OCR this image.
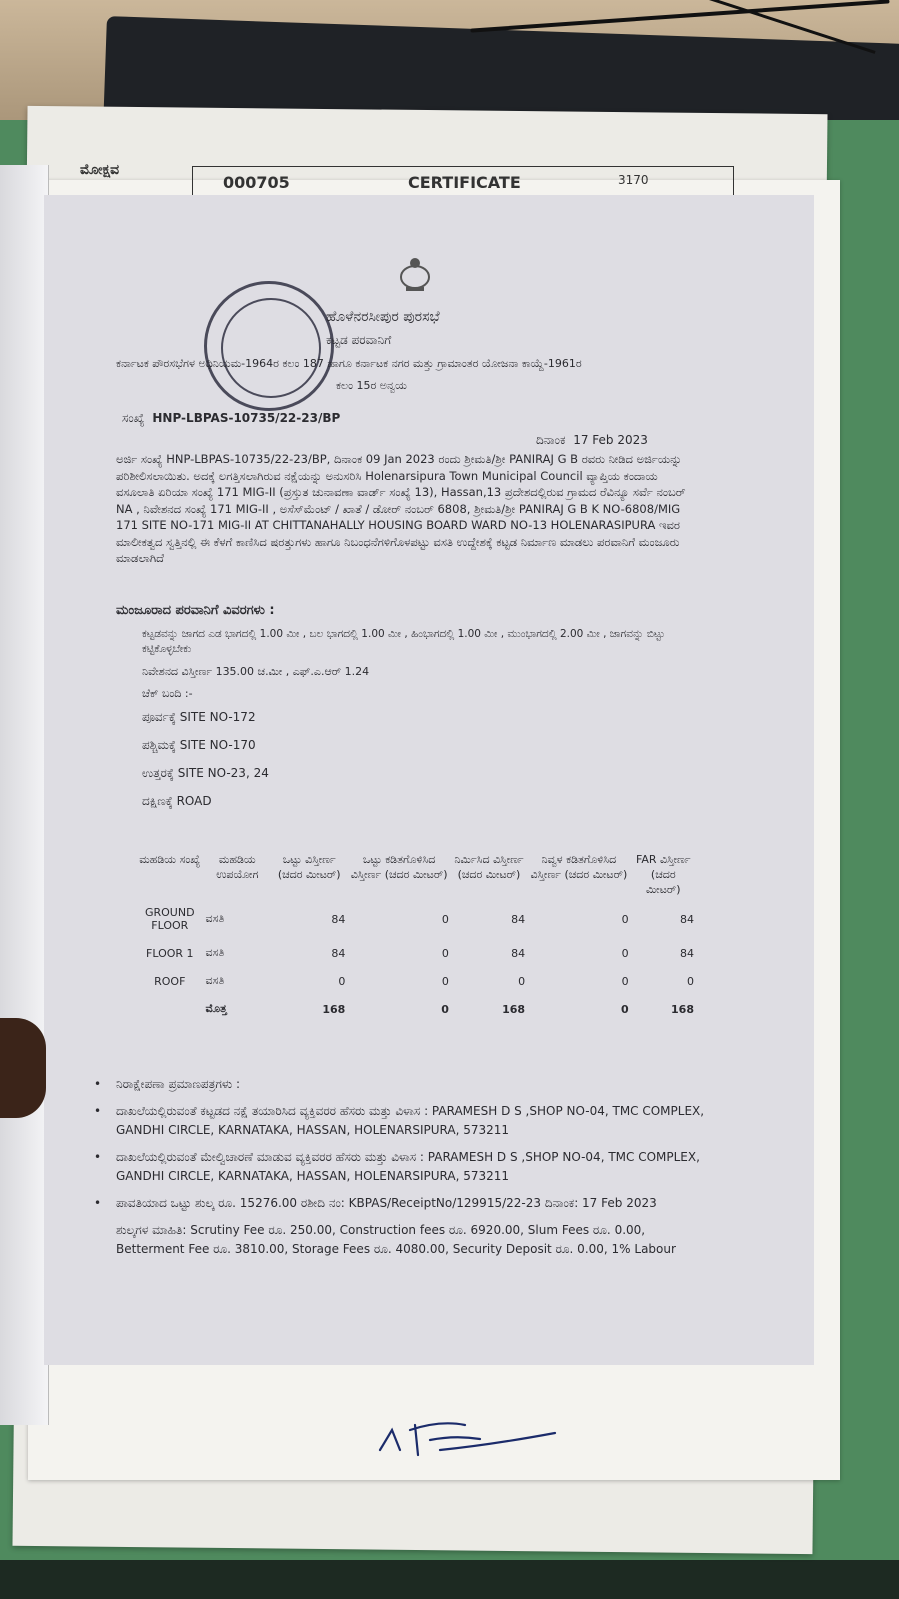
ಮೋಕ್ಷವ
000705	CERTIFICATE	3170
ಹೊಳೆನರಸೀಪುರ ಪುರಸಭೆ
ಕಟ್ಟಡ ಪರವಾನಿಗೆ
ಕರ್ನಾಟಕ ಪೌರಸಭೆಗಳ ಅಧಿನಿಯಮ-1964ರ ಕಲಂ 187 ಹಾಗೂ ಕರ್ನಾಟಕ ನಗರ ಮತ್ತು ಗ್ರಾಮಾಂತರ ಯೋಜನಾ ಕಾಯ್ದೆ-1961ರ
ಕಲಂ 15ರ ಅನ್ವಯ
ಸಂಖ್ಯೆ HNP-LBPAS-10735/22-23/BP
ದಿನಾಂಕ 17 Feb 2023
ಅರ್ಜಿ ಸಂಖ್ಯೆ HNP-LBPAS-10735/22-23/BP, ದಿನಾಂಕ 09 Jan 2023 ರಂದು ಶ್ರೀಮತಿ/ಶ್ರೀ PANIRAJ G B ರವರು ನೀಡಿದ ಅರ್ಜಿಯನ್ನು ಪರಿಶೀಲಿಸಲಾಯಿತು. ಅದಕ್ಕೆ ಲಗತ್ತಿಸಲಾಗಿರುವ ನಕ್ಷೆಯನ್ನು ಅನುಸರಿಸಿ Holenarsipura Town Municipal Council ವ್ಯಾಪ್ತಿಯ ಕಂದಾಯ ವಸೂಲಾತಿ ಏರಿಯಾ ಸಂಖ್ಯೆ 171 MIG-II (ಪ್ರಸ್ತುತ ಚುನಾವಣಾ ವಾರ್ಡ್ ಸಂಖ್ಯೆ 13), Hassan,13 ಪ್ರದೇಶದಲ್ಲಿರುವ ಗ್ರಾಮದ ರೆವಿನ್ಯೂ ಸರ್ವೆ ನಂಬರ್ NA , ನಿವೇಶನದ ಸಂಖ್ಯೆ 171 MIG-II , ಅಸೆಸ್‌ಮೆಂಟ್ / ಖಾತೆ / ಡೋರ್ ನಂಬರ್ 6808, ಶ್ರೀಮತಿ/ಶ್ರೀ PANIRAJ G B K NO-6808/MIG 171 SITE NO-171 MIG-II AT CHITTANAHALLY HOUSING BOARD WARD NO-13 HOLENARASIPURA ಇವರ ಮಾಲೀಕತ್ವದ ಸ್ವತ್ತಿನಲ್ಲಿ ಈ ಕೆಳಗೆ ಕಾಣಿಸಿದ ಷರತ್ತುಗಳು ಹಾಗೂ ನಿಬಂಧನೆಗಳಿಗೊಳಪಟ್ಟು ವಸತಿ ಉದ್ದೇಶಕ್ಕೆ ಕಟ್ಟಡ ನಿರ್ಮಾಣ ಮಾಡಲು ಪರವಾನಿಗೆ ಮಂಜೂರು ಮಾಡಲಾಗಿದೆ
ಮಂಜೂರಾದ ಪರವಾನಿಗೆ ವಿವರಗಳು :
ಕಟ್ಟಡವನ್ನು ಜಾಗದ ಎಡ ಭಾಗದಲ್ಲಿ 1.00 ಮೀ , ಬಲ ಭಾಗದಲ್ಲಿ 1.00 ಮೀ , ಹಿಂಭಾಗದಲ್ಲಿ 1.00 ಮೀ , ಮುಂಭಾಗದಲ್ಲಿ 2.00 ಮೀ , ಜಾಗವನ್ನು ಬಿಟ್ಟು ಕಟ್ಟಿಕೊಳ್ಳಬೇಕು
ನಿವೇಶನದ ವಿಸ್ತೀರ್ಣ 135.00 ಚ.ಮೀ , ಎಫ್.ಎ.ಆರ್ 1.24
ಚೆಕ್ ಬಂದಿ :-
ಪೂರ್ವಕ್ಕೆ SITE NO-172
ಪಶ್ಚಿಮಕ್ಕೆ SITE NO-170
ಉತ್ತರಕ್ಕೆ SITE NO-23, 24
ದಕ್ಷಿಣಕ್ಕೆ ROAD
ಮಹಡಿಯ ಸಂಖ್ಯೆ	ಮಹಡಿಯ ಉಪಯೋಗ	ಒಟ್ಟು ವಿಸ್ತೀರ್ಣ (ಚದರ ಮೀಟರ್)	ಒಟ್ಟು ಕಡಿತಗೊಳಿಸಿದ ವಿಸ್ತೀರ್ಣ (ಚದರ ಮೀಟರ್)	ನಿರ್ಮಿಸಿದ ವಿಸ್ತೀರ್ಣ (ಚದರ ಮೀಟರ್)	ನಿವ್ವಳ ಕಡಿತಗೊಳಿಸಿದ ವಿಸ್ತೀರ್ಣ (ಚದರ ಮೀಟರ್)	FAR ವಿಸ್ತೀರ್ಣ (ಚದರ ಮೀಟರ್)
GROUND FLOOR	ವಸತಿ	84	0	84	0	84
FLOOR 1	ವಸತಿ	84	0	84	0	84
ROOF	ವಸತಿ	0	0	0	0	0
	ಮೊತ್ತ	168	0	168	0	168
• ನಿರಾಕ್ಷೇಪಣಾ ಪ್ರಮಾಣಪತ್ರಗಳು :
• ದಾಖಲೆಯಲ್ಲಿರುವಂತೆ ಕಟ್ಟಡದ ನಕ್ಷೆ ತಯಾರಿಸಿದ ವ್ಯಕ್ತಿವರರ ಹೆಸರು ಮತ್ತು ವಿಳಾಸ : PARAMESH D S ,SHOP NO-04, TMC COMPLEX, GANDHI CIRCLE, KARNATAKA, HASSAN, HOLENARSIPURA, 573211
• ದಾಖಲೆಯಲ್ಲಿರುವಂತೆ ಮೇಲ್ವಿಚಾರಣೆ ಮಾಡುವ ವ್ಯಕ್ತಿವರರ ಹೆಸರು ಮತ್ತು ವಿಳಾಸ : PARAMESH D S ,SHOP NO-04, TMC COMPLEX, GANDHI CIRCLE, KARNATAKA, HASSAN, HOLENARSIPURA, 573211
• ಪಾವತಿಯಾದ ಒಟ್ಟು ಶುಲ್ಕ ರೂ. 15276.00 ರಶೀದಿ ನಂ: KBPAS/ReceiptNo/129915/22-23 ದಿನಾಂಕ: 17 Feb 2023
ಶುಲ್ಕಗಳ ಮಾಹಿತಿ: Scrutiny Fee ರೂ. 250.00, Construction fees ರೂ. 6920.00, Slum Fees ರೂ. 0.00, Betterment Fee ರೂ. 3810.00, Storage Fees ರೂ. 4080.00, Security Deposit ರೂ. 0.00, 1% Labour
